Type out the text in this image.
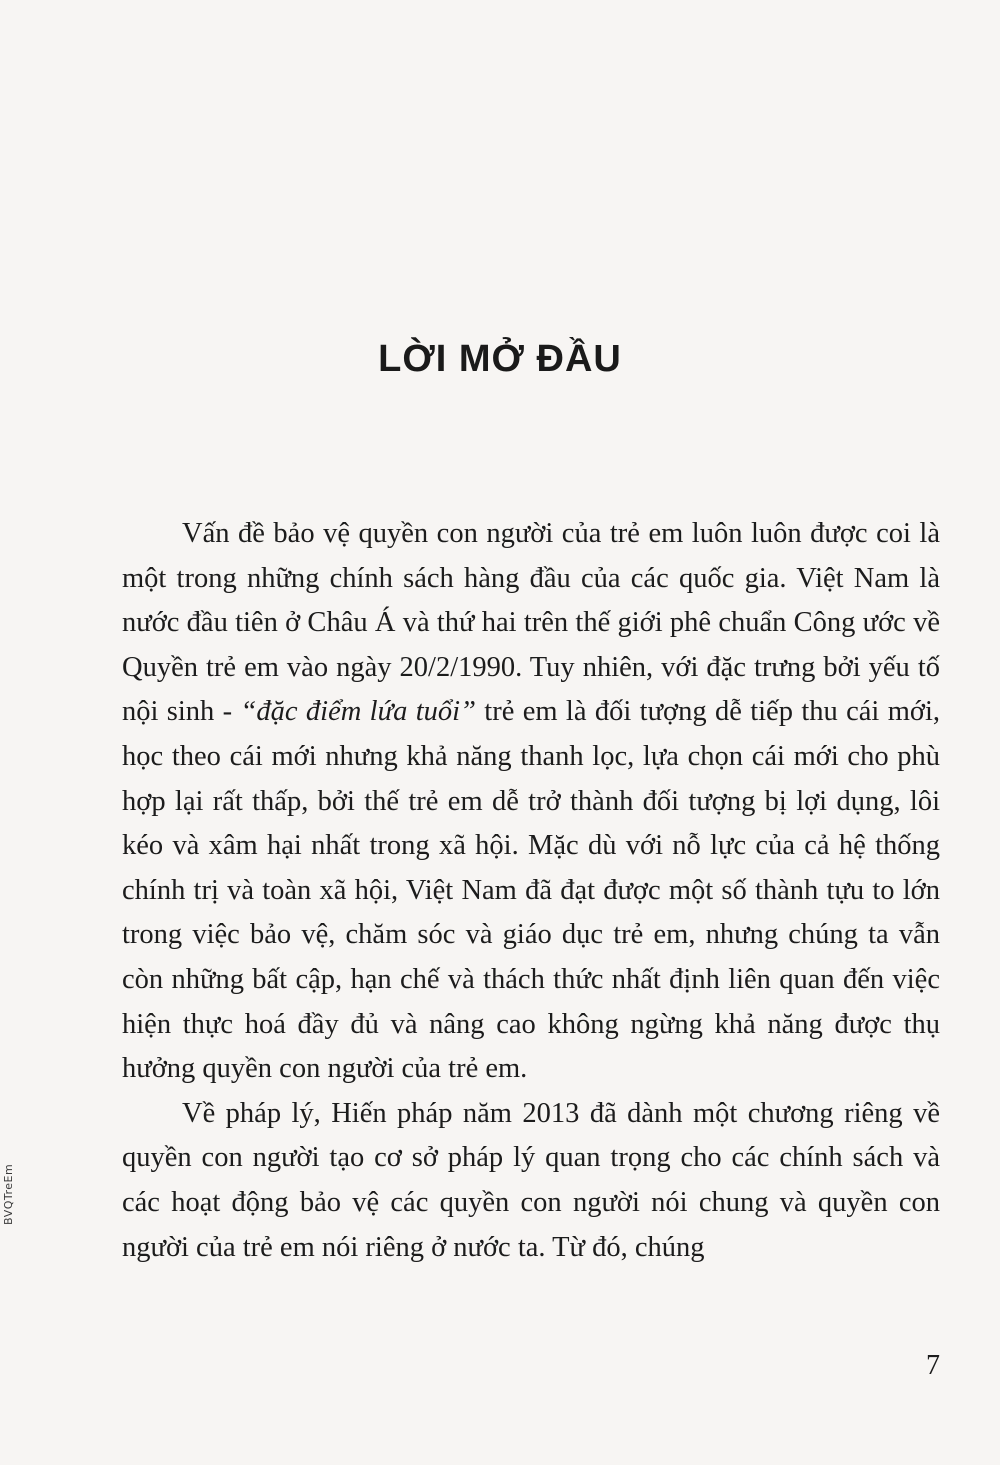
BVQTreEm
LỜI MỞ ĐẦU

Vấn đề bảo vệ quyền con người của trẻ em luôn luôn được coi là một trong những chính sách hàng đầu của các quốc gia. Việt Nam là nước đầu tiên ở Châu Á và thứ hai trên thế giới phê chuẩn Công ước về Quyền trẻ em vào ngày 20/2/1990. Tuy nhiên, với đặc trưng bởi yếu tố nội sinh - “đặc điểm lứa tuổi” trẻ em là đối tượng dễ tiếp thu cái mới, học theo cái mới nhưng khả năng thanh lọc, lựa chọn cái mới cho phù hợp lại rất thấp, bởi thế trẻ em dễ trở thành đối tượng bị lợi dụng, lôi kéo và xâm hại nhất trong xã hội. Mặc dù với nỗ lực của cả hệ thống chính trị và toàn xã hội, Việt Nam đã đạt được một số thành tựu to lớn trong việc bảo vệ, chăm sóc và giáo dục trẻ em, nhưng chúng ta vẫn còn những bất cập, hạn chế và thách thức nhất định liên quan đến việc hiện thực hoá đầy đủ và nâng cao không ngừng khả năng được thụ hưởng quyền con người của trẻ em.

Về pháp lý, Hiến pháp năm 2013 đã dành một chương riêng về quyền con người tạo cơ sở pháp lý quan trọng cho các chính sách và các hoạt động bảo vệ các quyền con người nói chung và quyền con người của trẻ em nói riêng ở nước ta. Từ đó, chúng

7
